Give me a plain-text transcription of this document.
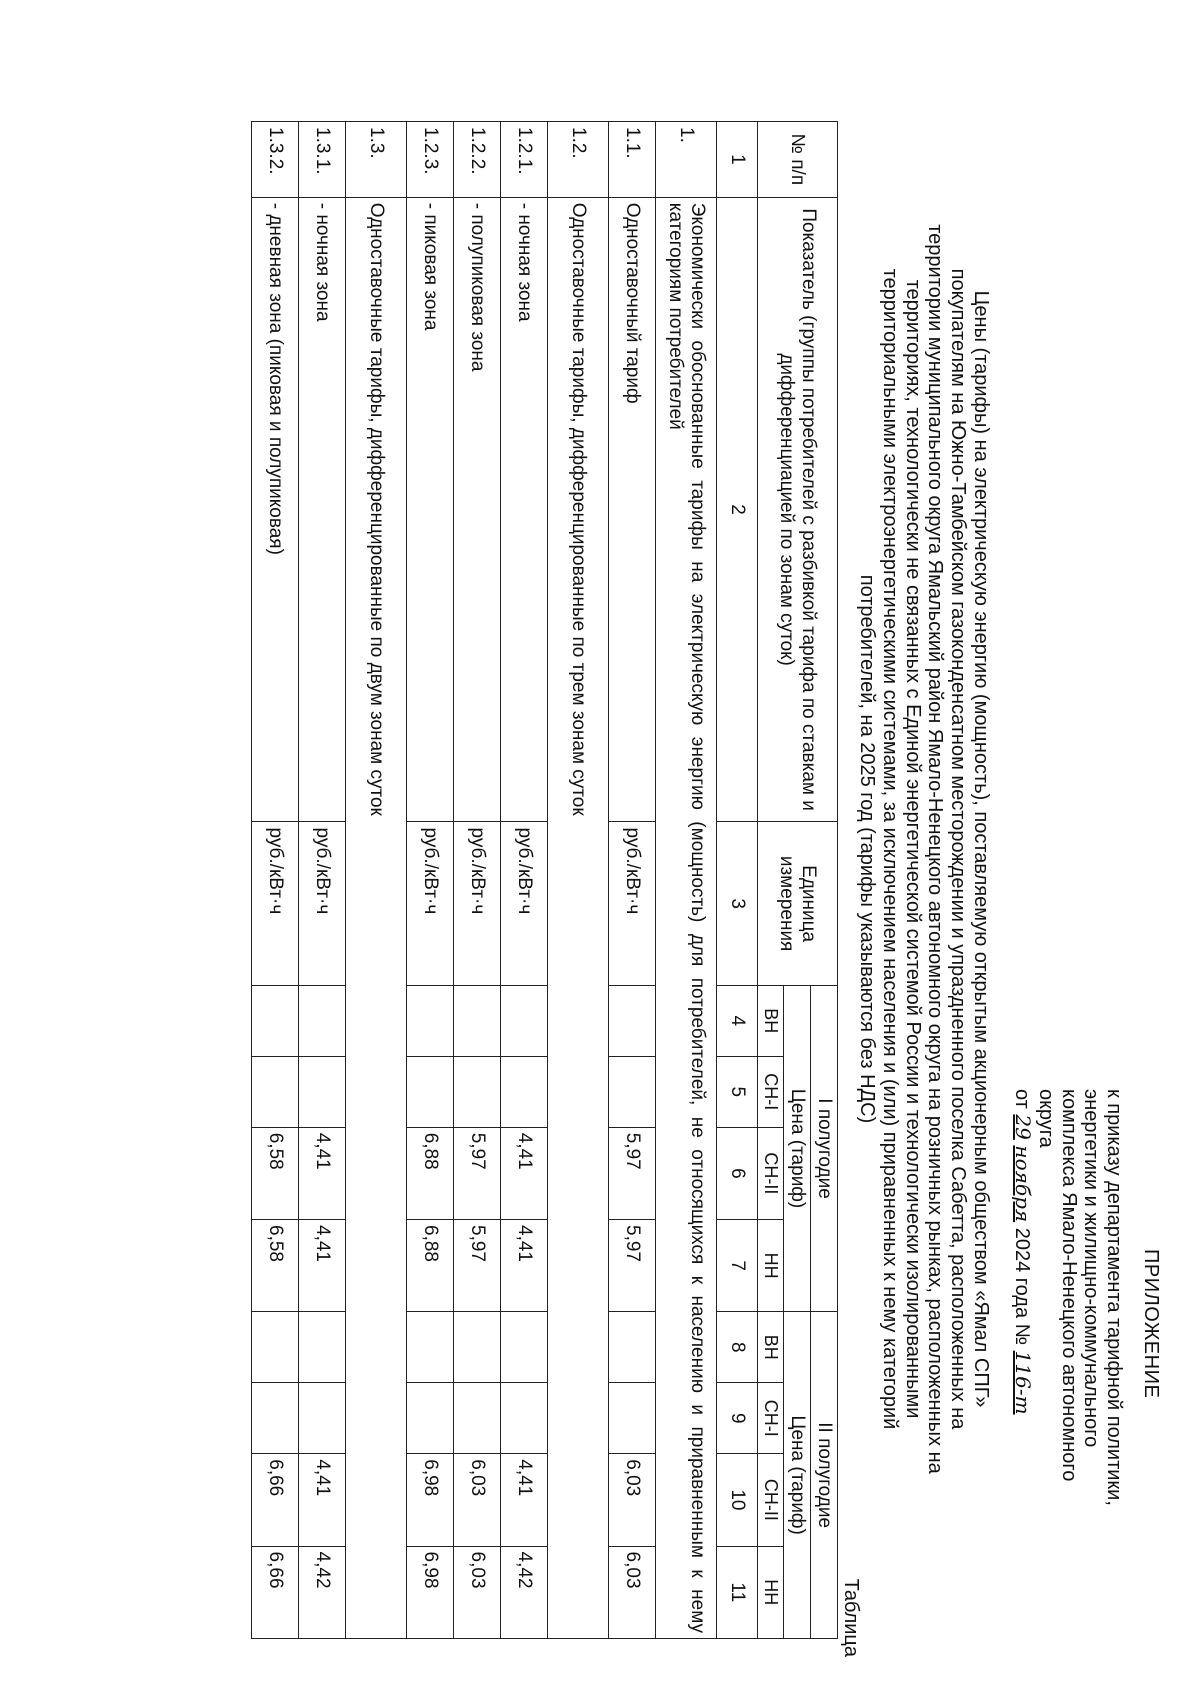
ПРИЛОЖЕНИЕ
к приказу департамента тарифной политики,
энергетики и жилищно-коммунального
комплекса Ямало-Ненецкого автономного
округа
от 29 ноября 2024 года № 116-т
Цены (тарифы) на электрическую энергию (мощность), поставляемую открытым акционерным обществом «Ямал СПГ»
покупателям на Южно-Тамбейском газоконденсатном месторождении и упраздненного поселка Сабетта, расположенных на
территории муниципального округа Ямальский район Ямало-Ненецкого автономного округа на розничных рынках, расположенных на
территориях, технологически не связанных с Единой энергетической системой России и технологически изолированными
территориальными электроэнергетическими системами, за исключением населения и (или) приравненных к нему категорий
потребителей, на 2025 год (тарифы указываются без НДС)
Таблица
№ п/п	Показатель (группы потребителей с разбивкой тарифа по ставкам и дифференциацией по зонам суток)	Единица измерения	I полугодие				II полугодие			
			Цена (тариф)				Цена (тариф)			
			ВН	СН-I	СН-II	НН	ВН	СН-I	СН-II	НН
1	2	3	4	5	6	7	8	9	10	11
1.	Экономически обоснованные тарифы на электрическую энергию (мощность) для потребителей, не относящихся к населению и приравненным к нему категориям потребителей									
1.1.	Одноставочный тариф	руб./кВт·ч			5,97	5,97			6,03	6,03
1.2.	Одноставочные тарифы, дифференцированные по трем зонам суток									
1.2.1.	- ночная зона	руб./кВт·ч			4,41	4,41			4,41	4,42
1.2.2.	- полупиковая зона	руб./кВт·ч			5,97	5,97			6,03	6,03
1.2.3.	- пиковая зона	руб./кВт·ч			6,88	6,88			6,98	6,98
1.3.	Одноставочные тарифы, дифференцированные по двум зонам суток									
1.3.1.	- ночная зона	руб./кВт·ч			4,41	4,41			4,41	4,42
1.3.2.	- дневная зона (пиковая и полупиковая)	руб./кВт·ч			6,58	6,58			6,66	6,66
